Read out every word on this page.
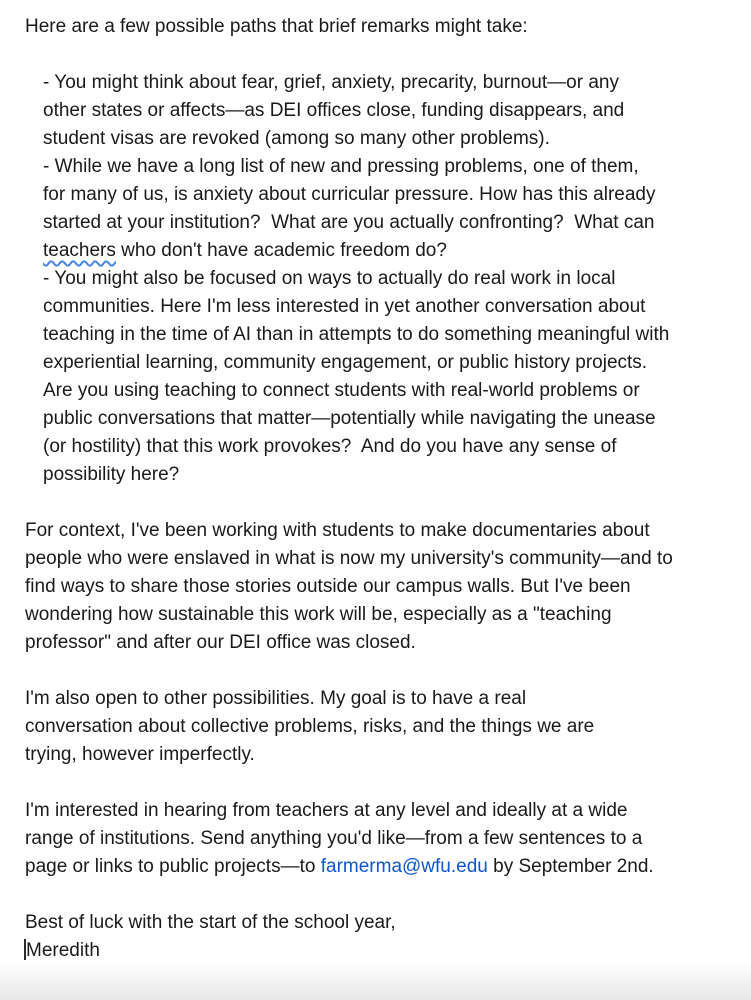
Here are a few possible paths that brief remarks might take:
- You might think about fear, grief, anxiety, precarity, burnout—or any
other states or affects—as DEI offices close, funding disappears, and
student visas are revoked (among so many other problems).
- While we have a long list of new and pressing problems, one of them,
for many of us, is anxiety about curricular pressure. How has this already
started at your institution?  What are you actually confronting?  What can
teachers who don't have academic freedom do?
- You might also be focused on ways to actually do real work in local
communities. Here I'm less interested in yet another conversation about
teaching in the time of AI than in attempts to do something meaningful with
experiential learning, community engagement, or public history projects.
Are you using teaching to connect students with real-world problems or
public conversations that matter—potentially while navigating the unease
(or hostility) that this work provokes?  And do you have any sense of
possibility here?
For context, I've been working with students to make documentaries about
people who were enslaved in what is now my university's community—and to
find ways to share those stories outside our campus walls. But I've been
wondering how sustainable this work will be, especially as a "teaching
professor" and after our DEI office was closed.
I'm also open to other possibilities. My goal is to have a real
conversation about collective problems, risks, and the things we are
trying, however imperfectly.
I'm interested in hearing from teachers at any level and ideally at a wide
range of institutions. Send anything you'd like—from a few sentences to a
page or links to public projects—to farmerma@wfu.edu by September 2nd.
Best of luck with the start of the school year,
Meredith
